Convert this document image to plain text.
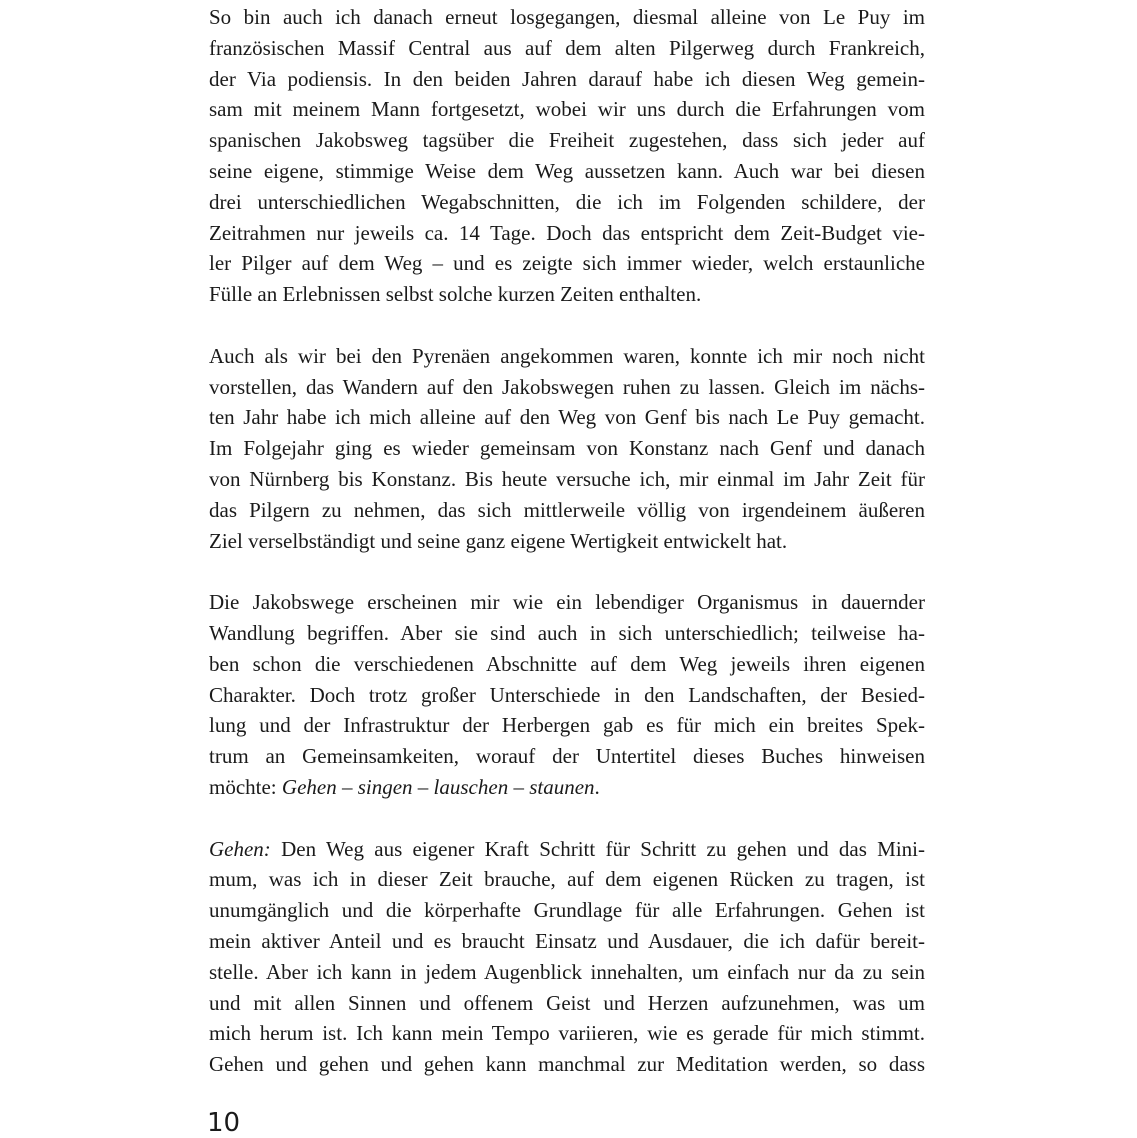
So bin auch ich danach erneut losgegangen, diesmal alleine von Le Puy im
französischen Massif Central aus auf dem alten Pilgerweg durch Frankreich,
der Via podiensis. In den beiden Jahren darauf habe ich diesen Weg gemein-
sam mit meinem Mann fortgesetzt, wobei wir uns durch die Erfahrungen vom
spanischen Jakobsweg tagsüber die Freiheit zugestehen, dass sich jeder auf
seine eigene, stimmige Weise dem Weg aussetzen kann. Auch war bei diesen
drei unterschiedlichen Wegabschnitten, die ich im Folgenden schildere, der
Zeitrahmen nur jeweils ca. 14 Tage. Doch das entspricht dem Zeit-Budget vie-
ler Pilger auf dem Weg – und es zeigte sich immer wieder, welch erstaunliche
Fülle an Erlebnissen selbst solche kurzen Zeiten enthalten.
Auch als wir bei den Pyrenäen angekommen waren, konnte ich mir noch nicht
vorstellen, das Wandern auf den Jakobswegen ruhen zu lassen. Gleich im nächs-
ten Jahr habe ich mich alleine auf den Weg von Genf bis nach Le Puy gemacht.
Im Folgejahr ging es wieder gemeinsam von Konstanz nach Genf und danach
von Nürnberg bis Konstanz. Bis heute versuche ich, mir einmal im Jahr Zeit für
das Pilgern zu nehmen, das sich mittlerweile völlig von irgendeinem äußeren
Ziel verselbständigt und seine ganz eigene Wertigkeit entwickelt hat.
Die Jakobswege erscheinen mir wie ein lebendiger Organismus in dauernder
Wandlung begriffen. Aber sie sind auch in sich unterschiedlich; teilweise ha-
ben schon die verschiedenen Abschnitte auf dem Weg jeweils ihren eigenen
Charakter. Doch trotz großer Unterschiede in den Landschaften, der Besied-
lung und der Infrastruktur der Herbergen gab es für mich ein breites Spek-
trum an Gemeinsamkeiten, worauf der Untertitel dieses Buches hinweisen
möchte: Gehen – singen – lauschen – staunen.
Gehen: Den Weg aus eigener Kraft Schritt für Schritt zu gehen und das Mini-
mum, was ich in dieser Zeit brauche, auf dem eigenen Rücken zu tragen, ist
unumgänglich und die körperhafte Grundlage für alle Erfahrungen. Gehen ist
mein aktiver Anteil und es braucht Einsatz und Ausdauer, die ich dafür bereit-
stelle. Aber ich kann in jedem Augenblick innehalten, um einfach nur da zu sein
und mit allen Sinnen und offenem Geist und Herzen aufzunehmen, was um
mich herum ist. Ich kann mein Tempo variieren, wie es gerade für mich stimmt.
Gehen und gehen und gehen kann manchmal zur Meditation werden, so dass
10
